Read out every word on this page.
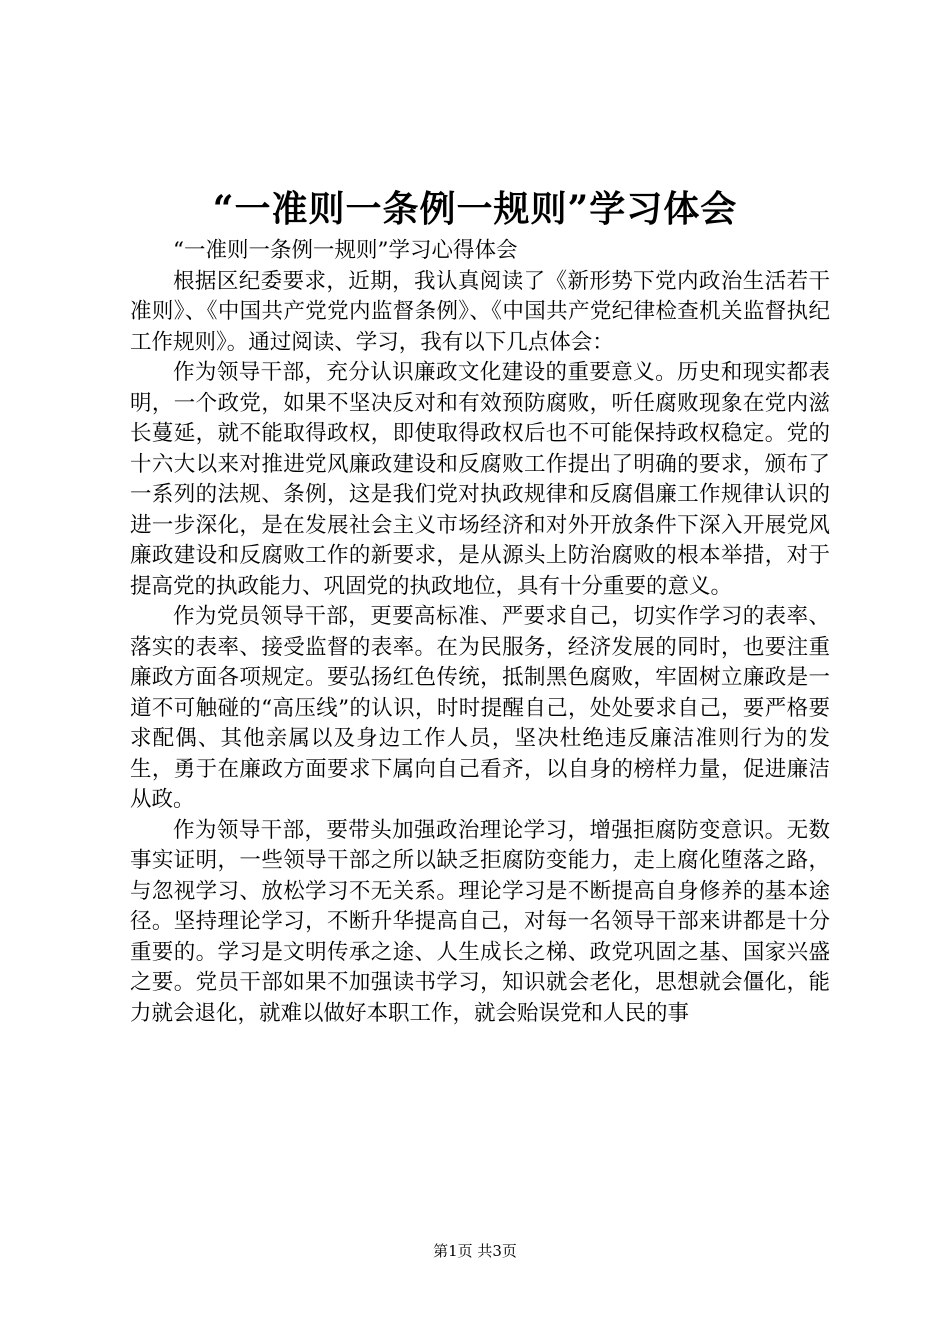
“一准则一条例一规则”学习体会

“一准则一条例一规则”学习心得体会

根据区纪委要求，近期，我认真阅读了《新形势下党内政治生活若干准则》、《中国共产党党内监督条例》、《中国共产党纪律检查机关监督执纪工作规则》。通过阅读、学习，我有以下几点体会：

作为领导干部，充分认识廉政文化建设的重要意义。历史和现实都表明，一个政党，如果不坚决反对和有效预防腐败，听任腐败现象在党内滋长蔓延，就不能取得政权，即使取得政权后也不可能保持政权稳定。党的十六大以来对推进党风廉政建设和反腐败工作提出了明确的要求，颁布了一系列的法规、条例，这是我们党对执政规律和反腐倡廉工作规律认识的进一步深化，是在发展社会主义市场经济和对外开放条件下深入开展党风廉政建设和反腐败工作的新要求，是从源头上防治腐败的根本举措，对于提高党的执政能力、巩固党的执政地位，具有十分重要的意义。

作为党员领导干部，更要高标准、严要求自己，切实作学习的表率、落实的表率、接受监督的表率。在为民服务，经济发展的同时，也要注重廉政方面各项规定。要弘扬红色传统，抵制黑色腐败，牢固树立廉政是一道不可触碰的“高压线”的认识，时时提醒自己，处处要求自己，要严格要求配偶、其他亲属以及身边工作人员，坚决杜绝违反廉洁准则行为的发生，勇于在廉政方面要求下属向自己看齐，以自身的榜样力量，促进廉洁从政。

作为领导干部，要带头加强政治理论学习，增强拒腐防变意识。无数事实证明，一些领导干部之所以缺乏拒腐防变能力，走上腐化堕落之路，与忽视学习、放松学习不无关系。理论学习是不断提高自身修养的基本途径。坚持理论学习，不断升华提高自己，对每一名领导干部来讲都是十分重要的。学习是文明传承之途、人生成长之梯、政党巩固之基、国家兴盛之要。党员干部如果不加强读书学习，知识就会老化，思想就会僵化，能力就会退化，就难以做好本职工作，就会贻误党和人民的事

第1页 共3页
